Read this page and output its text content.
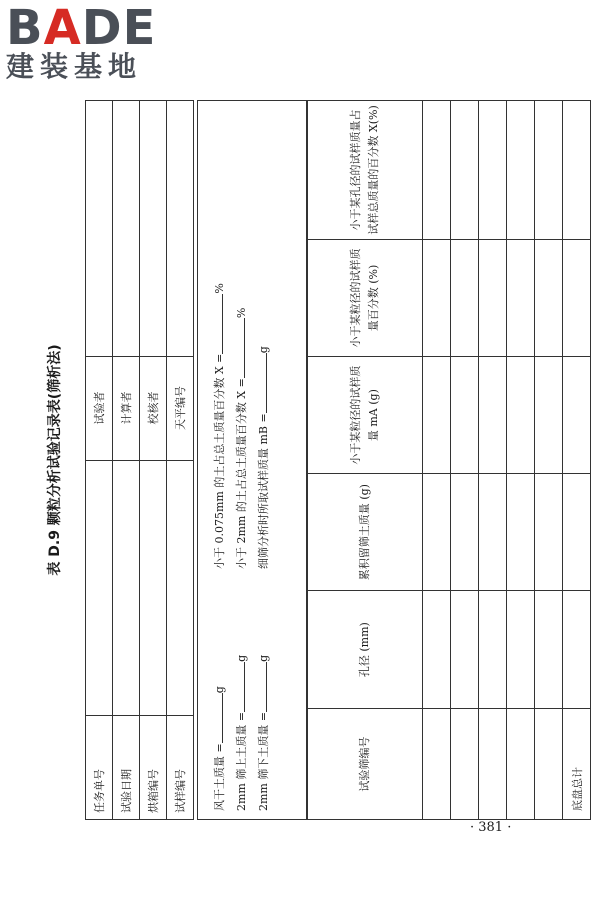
BADE
建装基地
表 D.9 颗粒分析试验记录表(筛析法)
任务单号		试验者	
试验日期		计算者	
烘箱编号		校核者	
试样编号		天平编号	
风干土质量 =g
2mm 筛上土质量 =g
2mm 筛下土质量 =g
小于 0.075mm 的土占总土质量百分数 X =%
小于 2mm 的土占总土质量百分数 X =%
细筛分析时所取试样质量 mB =g
试验筛编号	孔径 (mm)	累积留筛土质量 (g)	小于某粒径的试样质量 mA (g)	小于某粒径的试样质量百分数 (%)	小于某孔径的试样质量占试样总质量的百分数 X(%)

底盘总计					
· 381 ·
